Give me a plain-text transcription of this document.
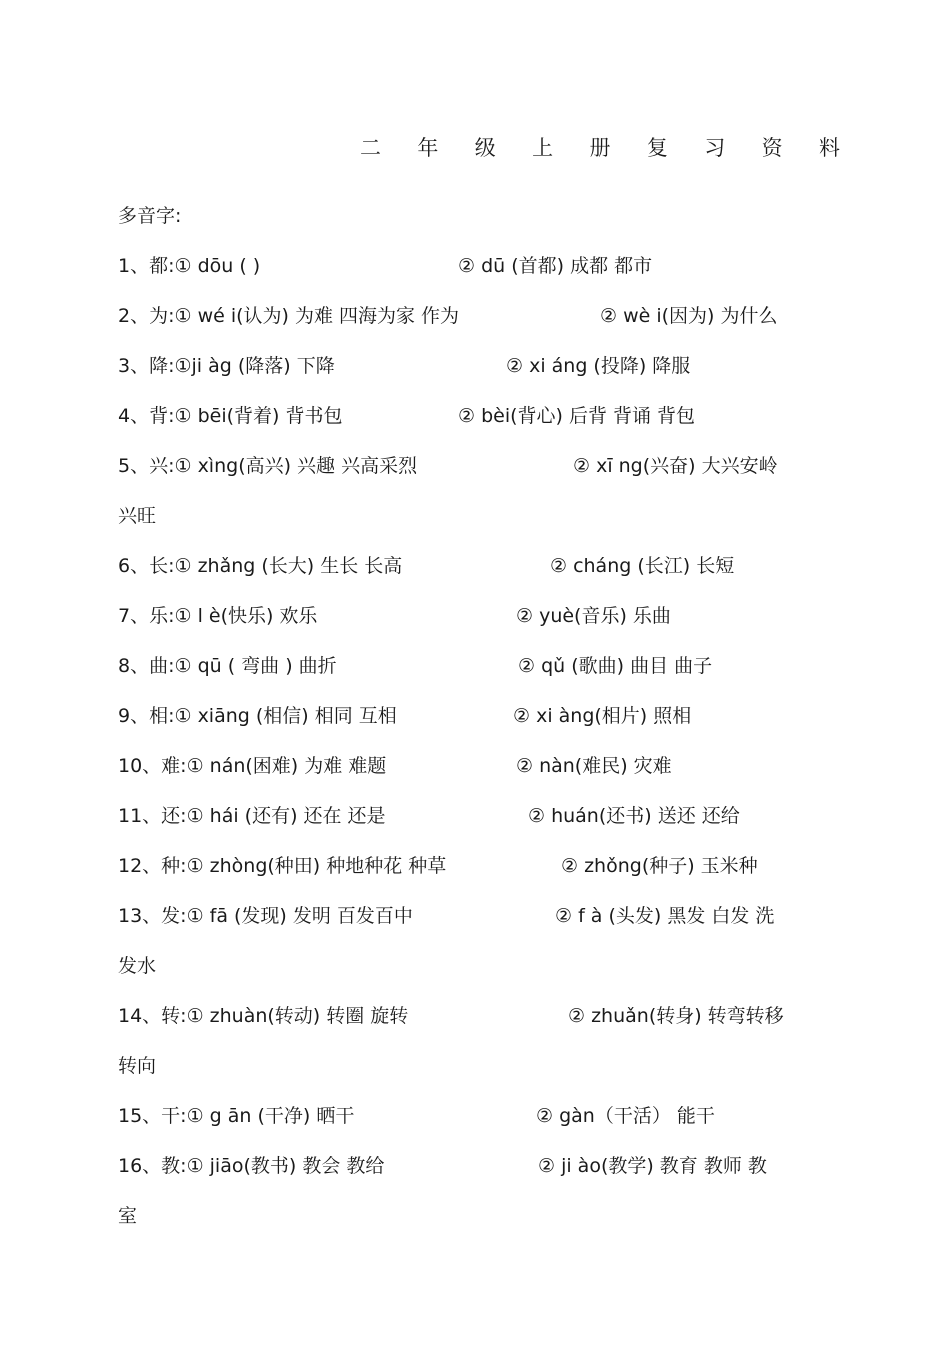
二 年 级 上 册 复 习 资 料
多音字:
1、都:① dōu ( )	② dū (首都) 成都 都市
2、为:① wé i(认为) 为难 四海为家 作为	② wè i(因为) 为什么
3、降:①ji àg (降落) 下降	② xi áng (投降) 降服
4、背:① bēi(背着) 背书包	② bèi(背心) 后背 背诵 背包
5、兴:① xìng(高兴) 兴趣 兴高采烈	② xī ng(兴奋) 大兴安岭
兴旺
6、长:① zhǎng (长大) 生长 长高	② cháng (长江) 长短
7、乐:① l è(快乐) 欢乐	② yuè(音乐) 乐曲
8、曲:① qū ( 弯曲 ) 曲折	② qǔ (歌曲) 曲目 曲子
9、相:① xiāng (相信) 相同 互相	② xi àng(相片) 照相
10、难:① nán(困难) 为难 难题	② nàn(难民) 灾难
11、还:① hái (还有) 还在 还是	② huán(还书) 送还 还给
12、种:① zhòng(种田) 种地种花 种草	② zhǒng(种子) 玉米种
13、发:① fā (发现) 发明 百发百中	② f à (头发) 黑发 白发 洗
发水
14、转:① zhuàn(转动) 转圈 旋转	② zhuǎn(转身) 转弯转移
转向
15、干:① g ān (干净) 晒干	② gàn（干活） 能干
16、教:① jiāo(教书) 教会 教给	② ji ào(教学) 教育 教师 教
室
